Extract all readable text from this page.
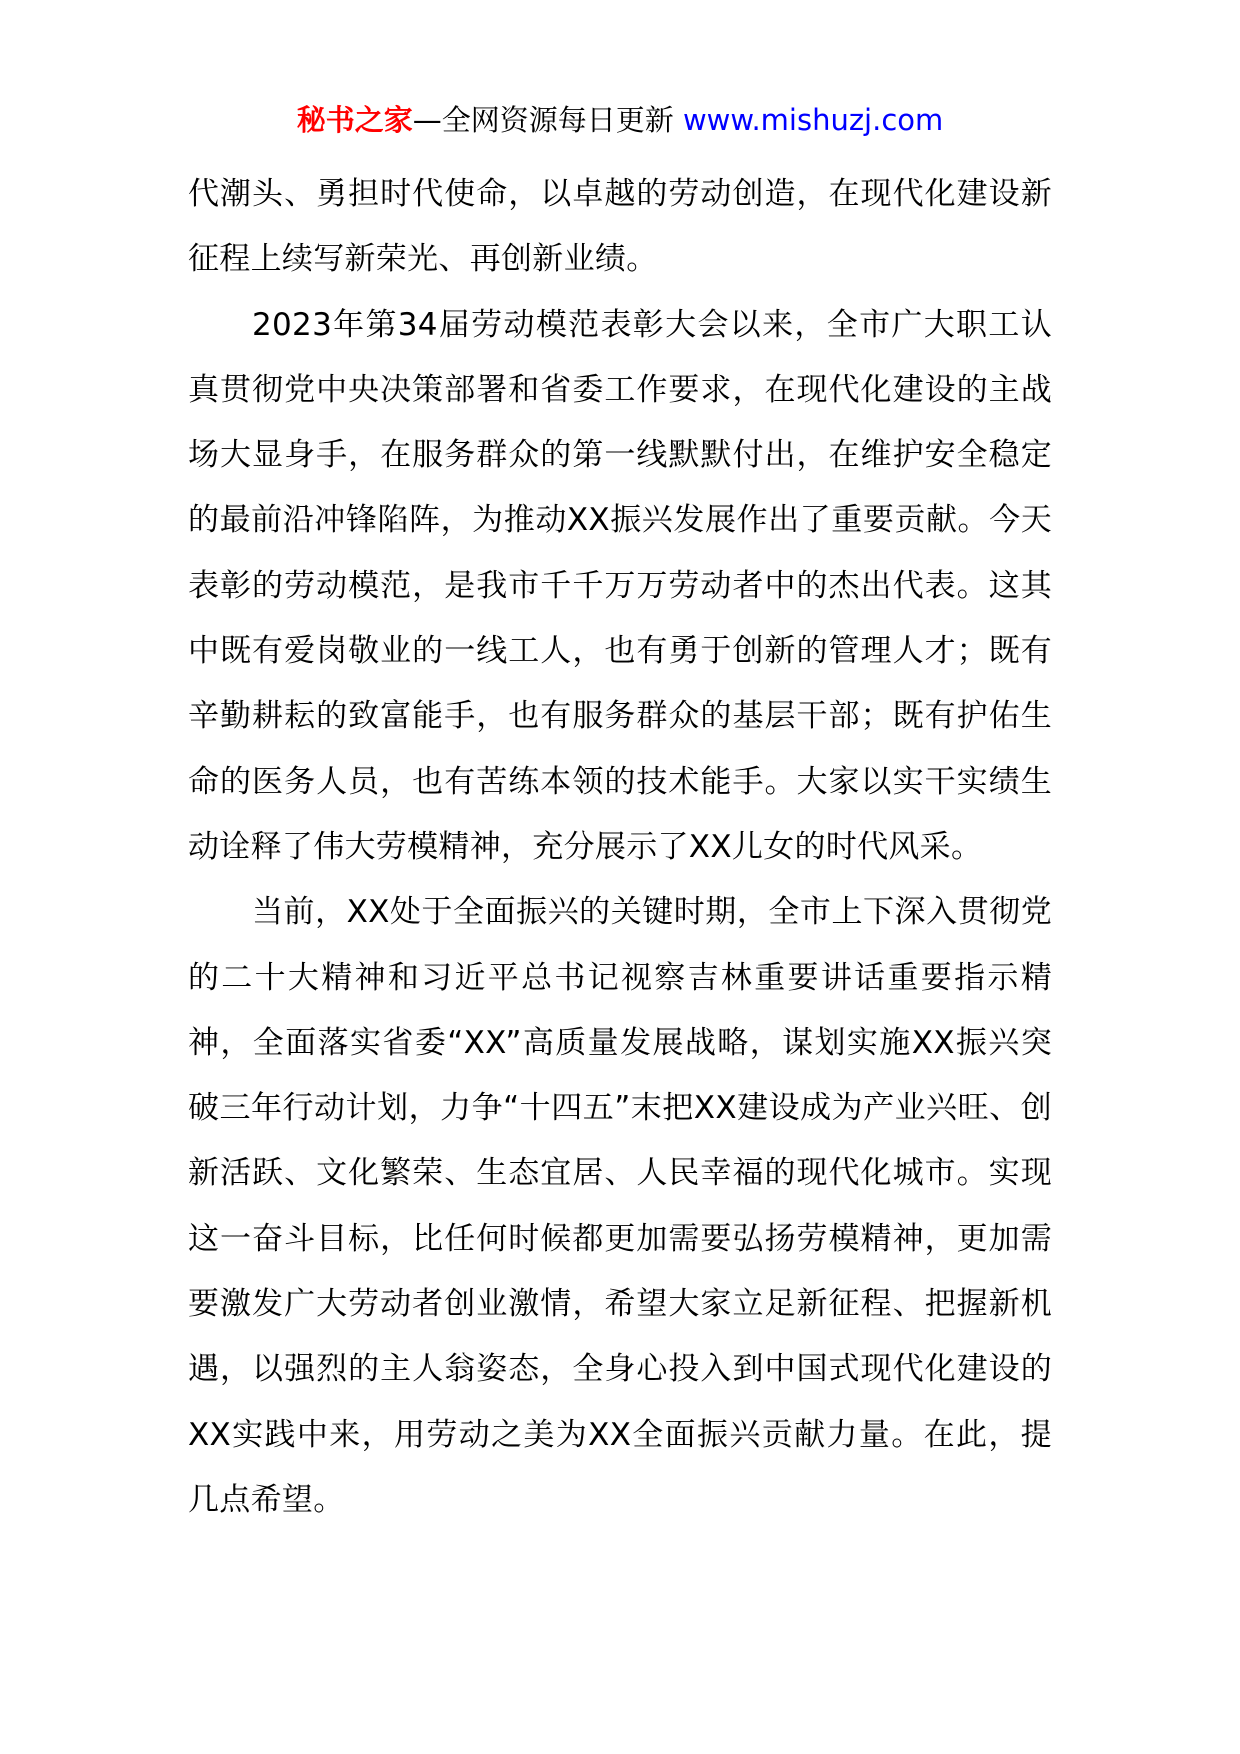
秘书之家—全网资源每日更新 www.mishuzj.com

代潮头、勇担时代使命，以卓越的劳动创造，在现代化建设新征程上续写新荣光、再创新业绩。

2023年第34届劳动模范表彰大会以来，全市广大职工认真贯彻党中央决策部署和省委工作要求，在现代化建设的主战场大显身手，在服务群众的第一线默默付出，在维护安全稳定的最前沿冲锋陷阵，为推动XX振兴发展作出了重要贡献。今天表彰的劳动模范，是我市千千万万劳动者中的杰出代表。这其中既有爱岗敬业的一线工人，也有勇于创新的管理人才；既有辛勤耕耘的致富能手，也有服务群众的基层干部；既有护佑生命的医务人员，也有苦练本领的技术能手。大家以实干实绩生动诠释了伟大劳模精神，充分展示了XX儿女的时代风采。

当前，XX处于全面振兴的关键时期，全市上下深入贯彻党的二十大精神和习近平总书记视察吉林重要讲话重要指示精神，全面落实省委“XX”高质量发展战略，谋划实施XX振兴突破三年行动计划，力争“十四五”末把XX建设成为产业兴旺、创新活跃、文化繁荣、生态宜居、人民幸福的现代化城市。实现这一奋斗目标，比任何时候都更加需要弘扬劳模精神，更加需要激发广大劳动者创业激情，希望大家立足新征程、把握新机遇，以强烈的主人翁姿态，全身心投入到中国式现代化建设的XX实践中来，用劳动之美为XX全面振兴贡献力量。在此，提几点希望。
